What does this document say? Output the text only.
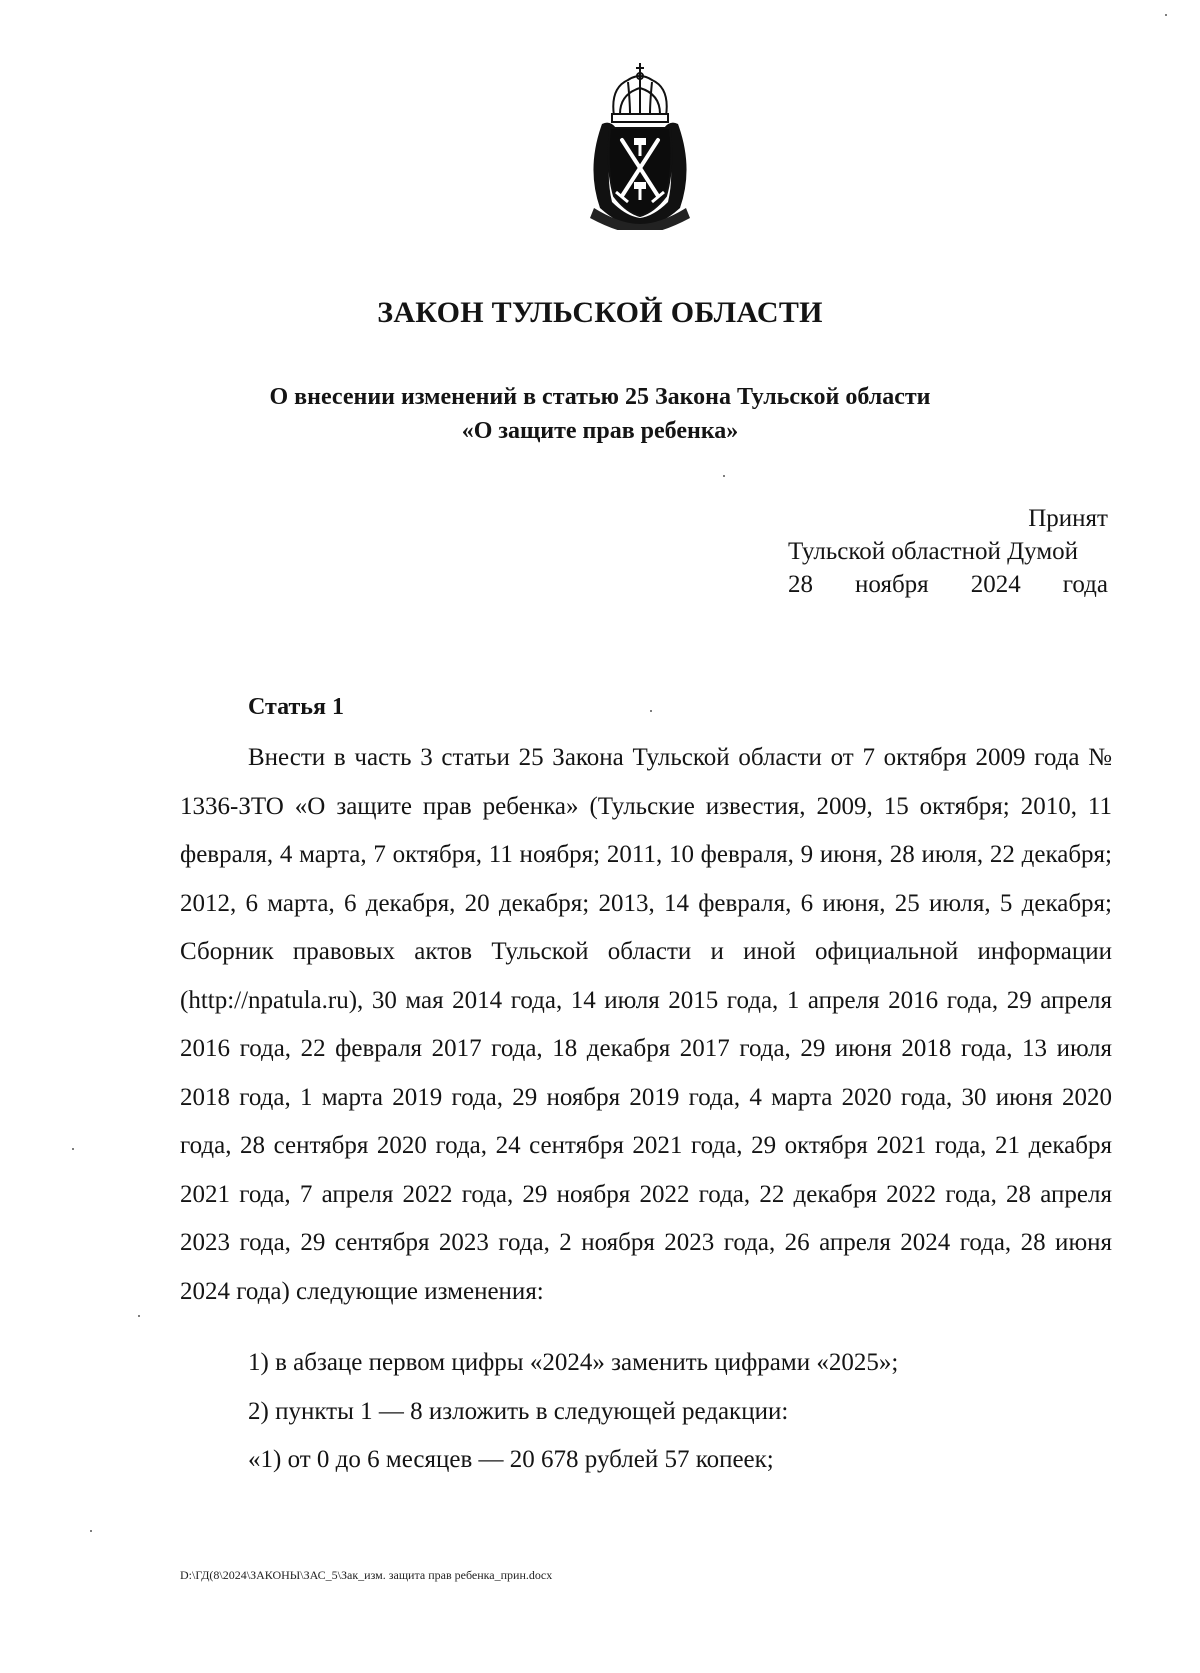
ЗАКОН ТУЛЬСКОЙ ОБЛАСТИ
О внесении изменений в статью 25 Закона Тульской области
«О защите прав ребенка»
Принят
Тульской областной Думой
28 ноября 2024 года
Статья 1

Внести в часть 3 статьи 25 Закона Тульской области от 7 октября 2009 года № 1336-ЗТО «О защите прав ребенка» (Тульские известия, 2009, 15 октября; 2010, 11 февраля, 4 марта, 7 октября, 11 ноября; 2011, 10 февраля, 9 июня, 28 июля, 22 декабря; 2012, 6 марта, 6 декабря, 20 декабря; 2013, 14 февраля, 6 июня, 25 июля, 5 декабря; Сборник правовых актов Тульской области и иной официальной информации (http://npatula.ru), 30 мая 2014 года, 14 июля 2015 года, 1 апреля 2016 года, 29 апреля 2016 года, 22 февраля 2017 года, 18 декабря 2017 года, 29 июня 2018 года, 13 июля 2018 года, 1 марта 2019 года, 29 ноября 2019 года, 4 марта 2020 года, 30 июня 2020 года, 28 сентября 2020 года, 24 сентября 2021 года, 29 октября 2021 года, 21 декабря 2021 года, 7 апреля 2022 года, 29 ноября 2022 года, 22 декабря 2022 года, 28 апреля 2023 года, 29 сентября 2023 года, 2 ноября 2023 года, 26 апреля 2024 года, 28 июня 2024 года) следующие изменения:

1) в абзаце первом цифры «2024» заменить цифрами «2025»;
2) пункты 1 — 8 изложить в следующей редакции:
«1) от 0 до 6 месяцев — 20 678 рублей 57 копеек;
D:\ГД(8\2024\ЗАКОНЫ\ЗАС_5\Зак_изм. защита прав ребенка_прин.docx
